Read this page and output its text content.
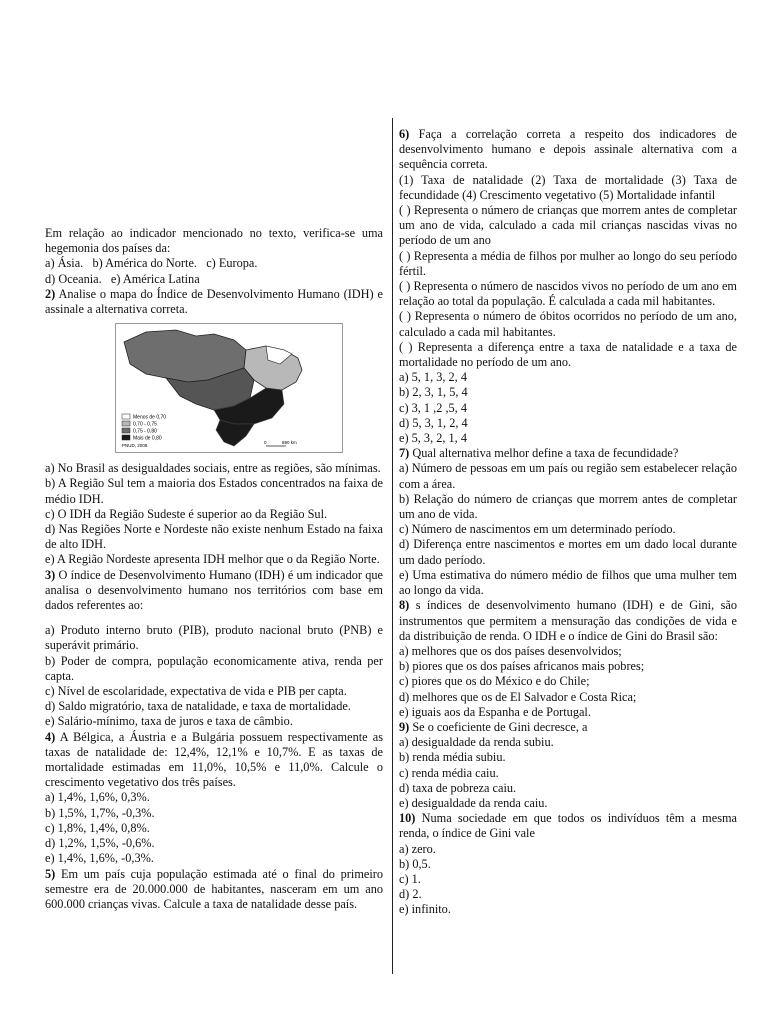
Em relação ao indicador mencionado no texto, verifica-se uma hegemonia dos países da:

a) Ásia. b) América do Norte. c) Europa.

d) Oceania. e) América Latina

2) Analise o mapa do Índice de Desenvolvimento Humano (IDH) e assinale a alternativa correta.

Menos de 0,70
0,70 - 0,75
0,75 - 0,80
Mais de 0,80
PNUD, 2008.
0	890 km

a) No Brasil as desigualdades sociais, entre as regiões, são mínimas.

b) A Região Sul tem a maioria dos Estados concentrados na faixa de médio IDH.

c) O IDH da Região Sudeste é superior ao da Região Sul.

d) Nas Regiões Norte e Nordeste não existe nenhum Estado na faixa de alto IDH.

e) A Região Nordeste apresenta IDH melhor que o da Região Norte.

3) O índice de Desenvolvimento Humano (IDH) é um indicador que analisa o desenvolvimento humano nos territórios com base em dados referentes ao:

a) Produto interno bruto (PIB), produto nacional bruto (PNB) e superávit primário.

b) Poder de compra, população economicamente ativa, renda per capta.

c) Nível de escolaridade, expectativa de vida e PIB per capta.

d) Saldo migratório, taxa de natalidade, e taxa de mortalidade.

e) Salário-mínimo, taxa de juros e taxa de câmbio.

4) A Bélgica, a Áustria e a Bulgária possuem respectivamente as taxas de natalidade de: 12,4%, 12,1% e 10,7%. E as taxas de mortalidade estimadas em 11,0%, 10,5% e 11,0%. Calcule o crescimento vegetativo dos três países.

a) 1,4%, 1,6%, 0,3%.

b) 1,5%, 1,7%, -0,3%.

c) 1,8%, 1,4%, 0,8%.

d) 1,2%, 1,5%, -0,6%.

e) 1,4%, 1,6%, -0,3%.

5) Em um país cuja população estimada até o final do primeiro semestre era de 20.000.000 de habitantes, nasceram em um ano 600.000 crianças vivas. Calcule a taxa de natalidade desse país.

6) Faça a correlação correta a respeito dos indicadores de desenvolvimento humano e depois assinale alternativa com a sequência correta.

(1) Taxa de natalidade (2) Taxa de mortalidade (3) Taxa de fecundidade (4) Crescimento vegetativo (5) Mortalidade infantil

( ) Representa o número de crianças que morrem antes de completar um ano de vida, calculado a cada mil crianças nascidas vivas no período de um ano

( ) Representa a média de filhos por mulher ao longo do seu período fértil.

( ) Representa o número de nascidos vivos no período de um ano em relação ao total da população. É calculada a cada mil habitantes.

( ) Representa o número de óbitos ocorridos no período de um ano, calculado a cada mil habitantes.

( ) Representa a diferença entre a taxa de natalidade e a taxa de mortalidade no período de um ano.

a) 5, 1, 3, 2, 4

b) 2, 3, 1, 5, 4

c) 3, 1 ,2 ,5, 4

d) 5, 3, 1, 2, 4

e) 5, 3, 2, 1, 4

7) Qual alternativa melhor define a taxa de fecundidade?

a) Número de pessoas em um país ou região sem estabelecer relação com a área.

b) Relação do número de crianças que morrem antes de completar um ano de vida.

c) Número de nascimentos em um determinado período.

d) Diferença entre nascimentos e mortes em um dado local durante um dado período.

e) Uma estimativa do número médio de filhos que uma mulher tem ao longo da vida.

8) s índices de desenvolvimento humano (IDH) e de Gini, são instrumentos que permitem a mensuração das condições de vida e da distribuição de renda. O IDH e o índice de Gini do Brasil são:

a) melhores que os dos países desenvolvidos;

b) piores que os dos países africanos mais pobres;

c) piores que os do México e do Chile;

d) melhores que os de El Salvador e Costa Rica;

e) iguais aos da Espanha e de Portugal.

9) Se o coeficiente de Gini decresce, a

a) desigualdade da renda subiu.

b) renda média subiu.

c) renda média caiu.

d) taxa de pobreza caiu.

e) desigualdade da renda caiu.

10) Numa sociedade em que todos os indivíduos têm a mesma renda, o índice de Gini vale

a) zero.

b) 0,5.

c) 1.

d) 2.

e) infinito.
